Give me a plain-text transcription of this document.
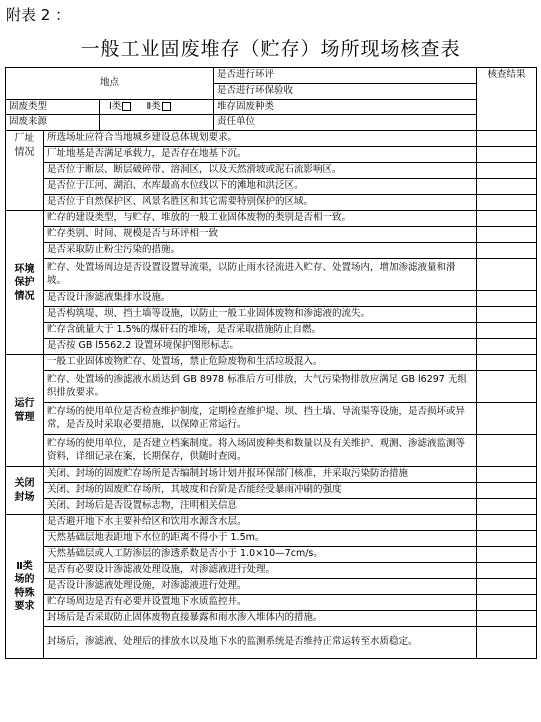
附表 2 ：
一般工业固废堆存（贮存）场所现场核查表
地点			是否进行环评	核查结果
			是否进行环保验收	
固废类型		Ⅰ类 Ⅱ类	堆存固废种类	
固废来源			责任单位	
厂址
情况	所选场址应符合当地城乡建设总体规划要求。			
	厂址地基是否满足承载力，是否存在地基下沉。			
	是否位于断层、断层破碎带、溶洞区，以及天然滑坡或泥石流影响区。			
	是否位于江河、湖泊、水库最高水位线以下的滩地和洪泛区。			
	是否位于自然保护区、风景名胜区和其它需要特别保护的区域。			
环境
保护
情况	贮存的建设类型，与贮存、堆放的一般工业固体废物的类别是否相一致。			
	贮存类别、时间、规模是否与环评相一致			
	是否采取防止粉尘污染的措施。			
	贮存、处置场周边是否设置设置导流渠，以防止雨水径流进入贮存、处置场内，增加渗滤液量和滑坡。			
	是否设计渗滤液集排水设施。			
	是否构筑堤、坝、挡土墙等设施，以防止一般工业固体废物和渗滤液的流失。			
	贮存含硫量大于 1.5%的煤矸石的堆场，是否采取措施防止自燃。			
	是否按 GB l5562.2 设置环境保护图形标志。			
运行
管理	一般工业固体废物贮存、处置场，禁止危险废物和生活垃圾混入。			
	贮存、处置场的渗滤液水质达到 GB 8978 标准后方可排放，大气污染物排放应满足 GB l6297 无组织排放要求。			
	贮存场的使用单位是否检查维护制度，定期检查维护堤、坝、挡土墙、导流渠等设施，是否损坏或异常，是否及时采取必要措施，以保障正常运行。			
	贮存场的使用单位，是否建立档案制度。将入场固废种类和数量以及有关维护、观测、渗滤液监测等资料，详细记录在案，长期保存，供随时查阅。			
关闭
封场	关闭、封场的固废贮存场所是否编制封场计划并报环保部门核准，并采取污染防治措施			
	关闭、封场的固废贮存场所，其坡度和台阶是否能经受暴雨冲刷的强度			
	关闭、封场后是否设置标志物，注明相关信息			
Ⅱ类
场的
特殊
要求	是否避开地下水主要补给区和饮用水源含水层。			
	天然基础层地表距地下水位的距离不得小于 1.5m。			
	天然基础层或人工防渗层的渗透系数是否小于 1.0×10—7cm/s。			
	是否有必要设计渗滤液处理设施，对渗滤液进行处理。			
	是否设计渗滤液处理设施，对渗滤液进行处理。			
	贮存场周边是否有必要并设置地下水质监控井。			
	封场后是否采取防止固体废物直接暴露和雨水渗入堆体内的措施。			
	封场后，渗滤液、处理后的排放水以及地下水的监测系统是否维持正常运转至水质稳定。			
